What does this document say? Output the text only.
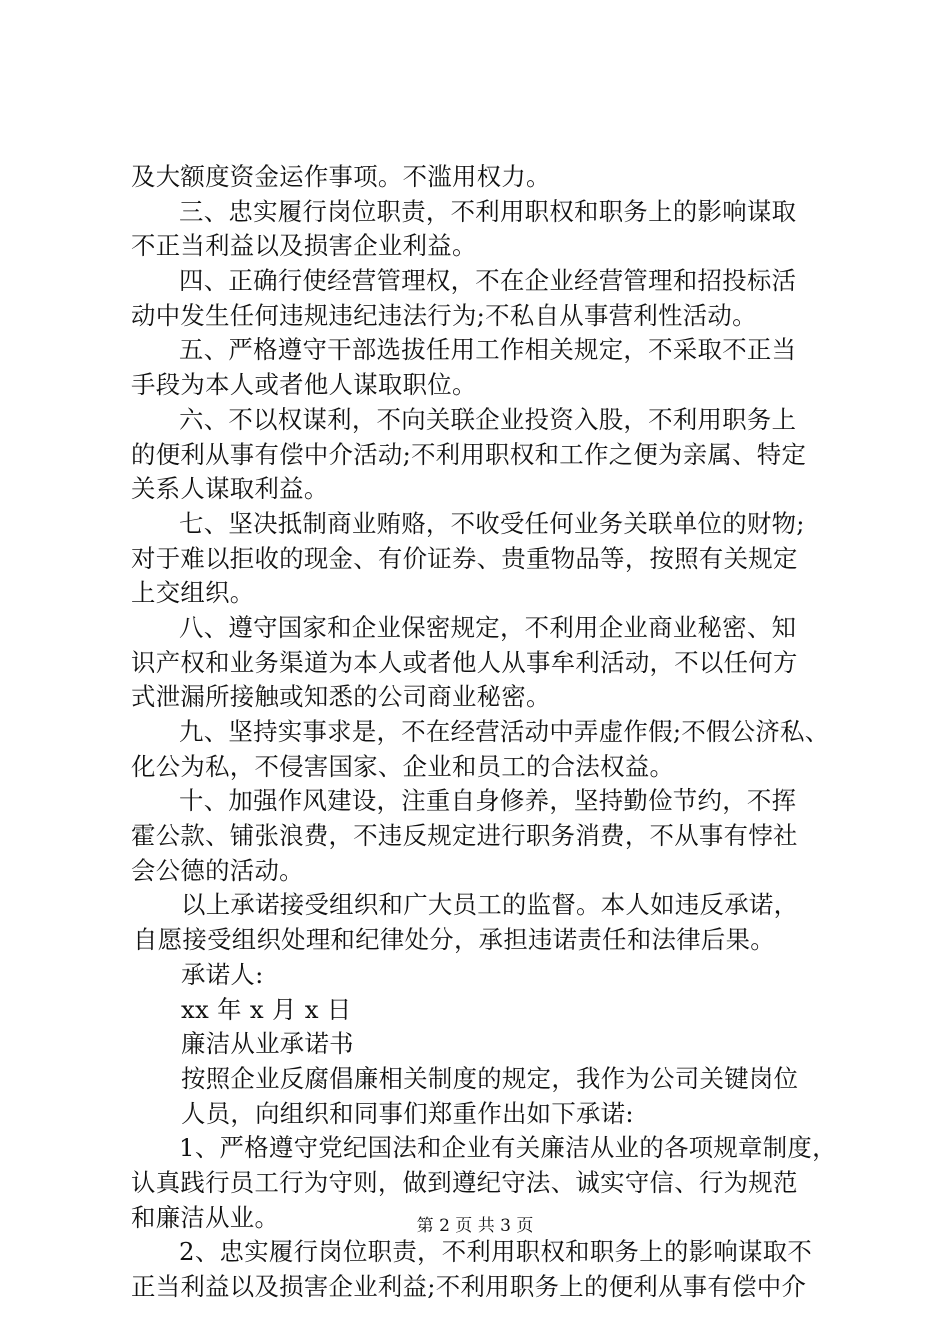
及大额度资金运作事项。不滥用权力。
三、忠实履行岗位职责，不利用职权和职务上的影响谋取
不正当利益以及损害企业利益。
四、正确行使经营管理权，不在企业经营管理和招投标活
动中发生任何违规违纪违法行为;不私自从事营利性活动。
五、严格遵守干部选拔任用工作相关规定，不采取不正当
手段为本人或者他人谋取职位。
六、不以权谋利，不向关联企业投资入股，不利用职务上
的便利从事有偿中介活动;不利用职权和工作之便为亲属、特定
关系人谋取利益。
七、坚决抵制商业贿赂，不收受任何业务关联单位的财物;
对于难以拒收的现金、有价证券、贵重物品等，按照有关规定
上交组织。
八、遵守国家和企业保密规定，不利用企业商业秘密、知
识产权和业务渠道为本人或者他人从事牟利活动，不以任何方
式泄漏所接触或知悉的公司商业秘密。
九、坚持实事求是，不在经营活动中弄虚作假;不假公济私、
化公为私，不侵害国家、企业和员工的合法权益。
十、加强作风建设，注重自身修养，坚持勤俭节约，不挥
霍公款、铺张浪费，不违反规定进行职务消费，不从事有悖社
会公德的活动。
以上承诺接受组织和广大员工的监督。本人如违反承诺，
自愿接受组织处理和纪律处分，承担违诺责任和法律后果。
承诺人:
xx 年 x 月 x 日
廉洁从业承诺书
按照企业反腐倡廉相关制度的规定，我作为公司关键岗位
人员，向组织和同事们郑重作出如下承诺:
1、严格遵守党纪国法和企业有关廉洁从业的各项规章制度，
认真践行员工行为守则，做到遵纪守法、诚实守信、行为规范
和廉洁从业。
2、忠实履行岗位职责，不利用职权和职务上的影响谋取不
正当利益以及损害企业利益;不利用职务上的便利从事有偿中介
第 2 页 共 3 页
